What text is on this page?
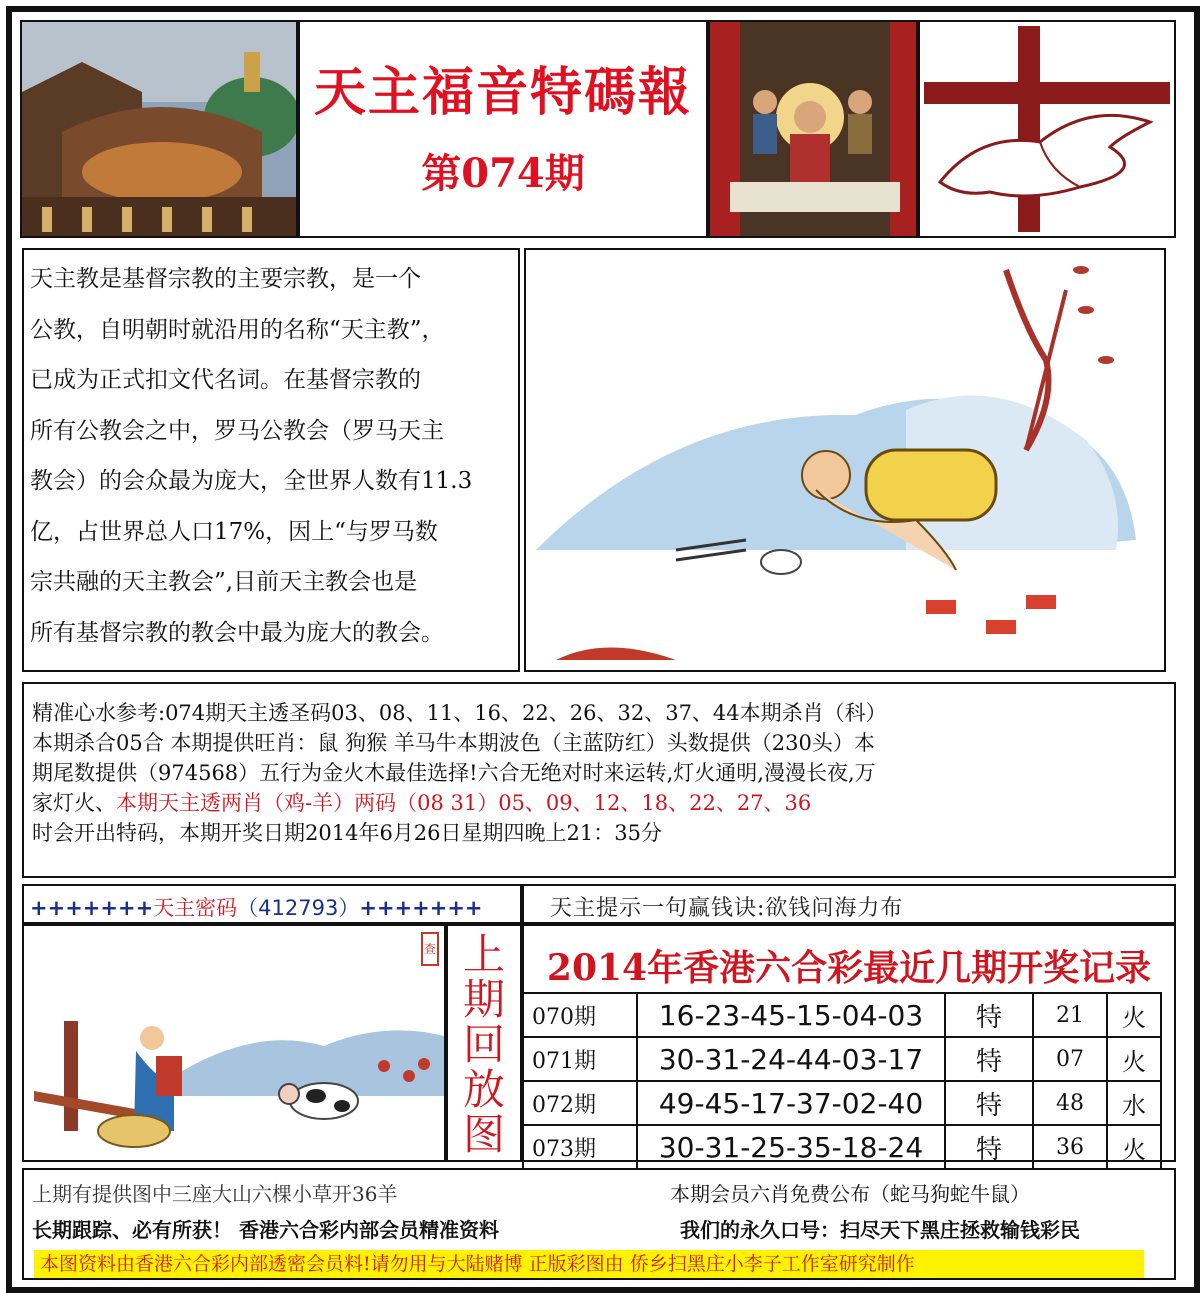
天主福音特碼報
第074期

天主教是基督宗教的主要宗教，是一个

公教，自明朝时就沿用的名称“天主教”，

已成为正式扣文代名词。在基督宗教的

所有公教会之中，罗马公教会（罗马天主

教会）的会众最为庞大，全世界人数有11.3

亿，占世界总人口17%，因上“与罗马数

宗共融的天主教会”,目前天主教会也是

所有基督宗教的教会中最为庞大的教会。

精准心水参考:074期天主透圣码03、08、11、16、22、26、32、37、44本期杀肖（科）

本期杀合05合 本期提供旺肖：鼠 狗猴 羊马牛本期波色（主蓝防红）头数提供（230头）本

期尾数提供（974568）五行为金火木最佳选择!六合无绝对时来运转,灯火通明,漫漫长夜,万

家灯火、本期天主透两肖（鸡-羊）两码（08 31）05、09、12、18、22、27、36

时会开出特码，本期开奖日期2014年6月26日星期四晚上21：35分

+++++++天主密码（412793）+++++++	天主提示一句赢钱诀:欲钱问海力布
查 上
期
回
放
图
2014年香港六合彩最近几期开奖记录
070期	16-23-45-15-04-03	特	21	火
071期	30-31-24-44-03-17	特	07	火
072期	49-45-17-37-02-40	特	48	水
073期	30-31-25-35-18-24	特	36	火
上期有提供图中三座大山六棵小草开36羊	本期会员六肖免费公布（蛇马狗蛇牛鼠）
长期跟踪、必有所获！ 香港六合彩内部会员精准资料	我们的永久口号：扫尽天下黑庄拯救输钱彩民
本图资料由香港六合彩内部透密会员料!请勿用与大陆赌博 正版彩图由 侨乡扫黑庄小李子工作室研究制作
